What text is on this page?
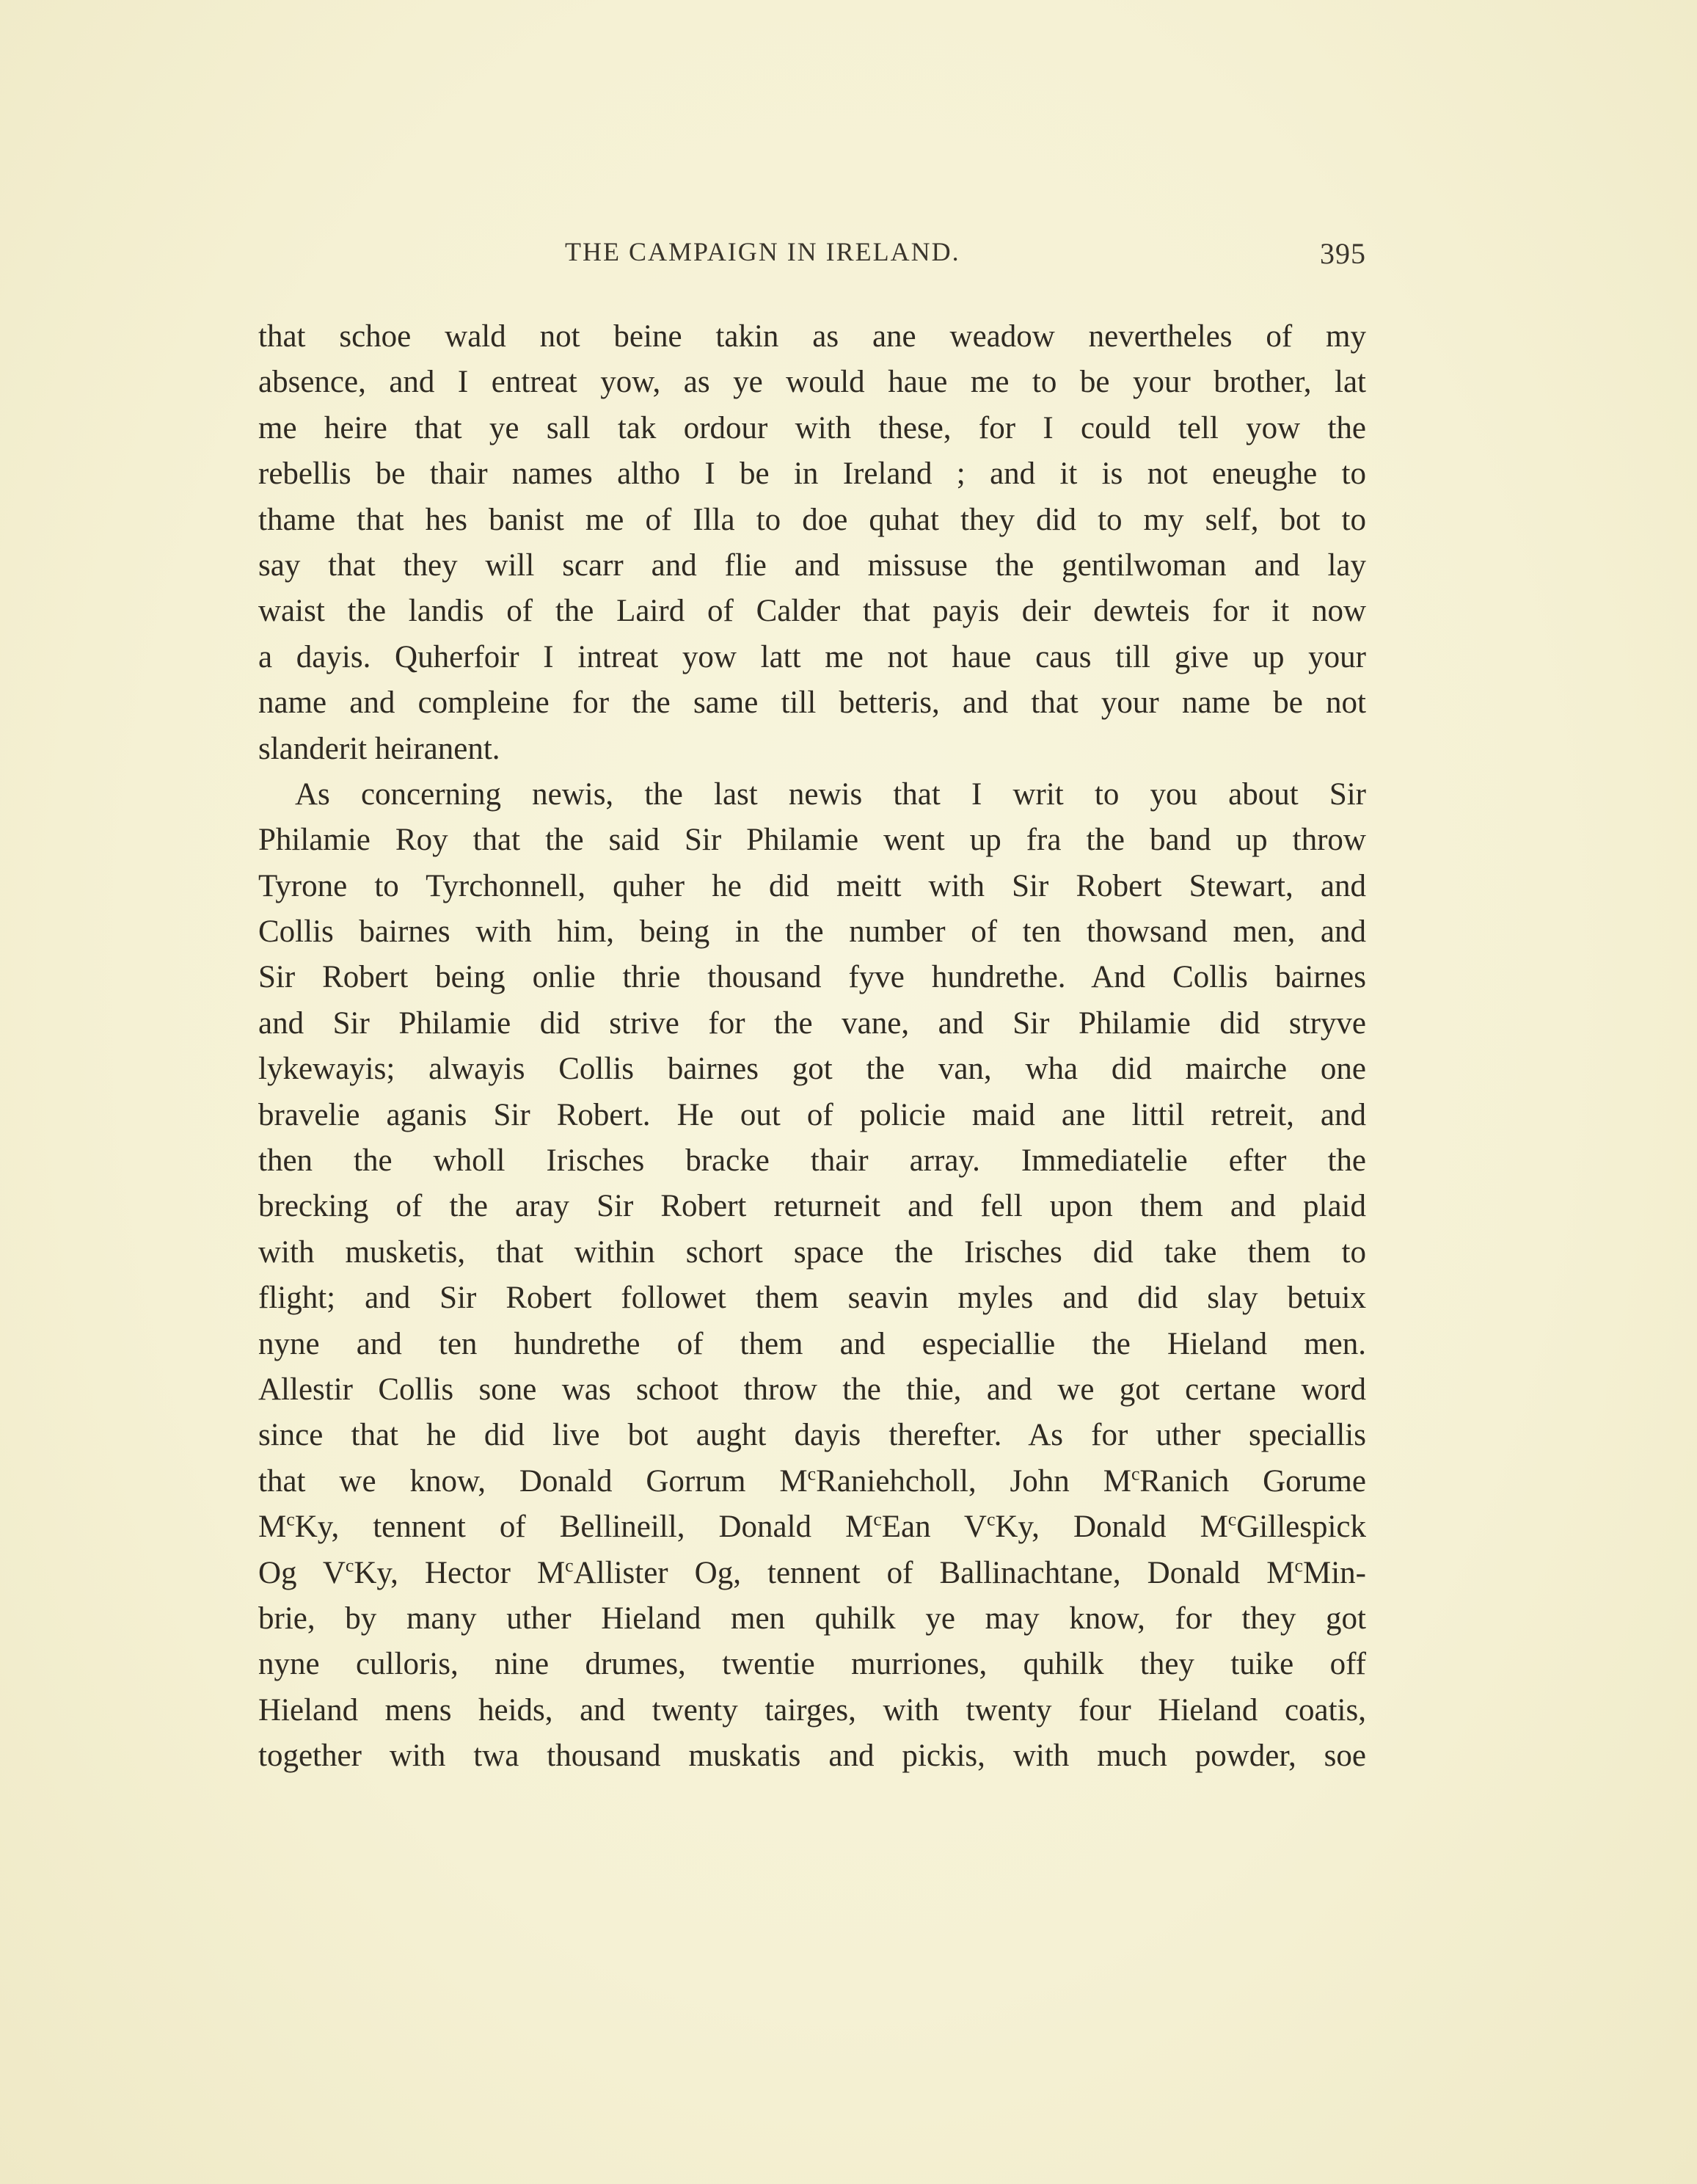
THE CAMPAIGN IN IRELAND.	395
that schoe wald not beine takin as ane weadow nevertheles of my
absence, and I entreat yow, as ye would haue me to be your brother, lat
me heire that ye sall tak ordour with these, for I could tell yow the
rebellis be thair names altho I be in Ireland ; and it is not eneughe to
thame that hes banist me of Illa to doe quhat they did to my self, bot to
say that they will scarr and flie and missuse the gentilwoman and lay
waist the landis of the Laird of Calder that payis deir dewteis for it now
a dayis. Quherfoir I intreat yow latt me not haue caus till give up your
name and compleine for the same till betteris, and that your name be not
slanderit heiranent.
As concerning newis, the last newis that I writ to you about Sir
Philamie Roy that the said Sir Philamie went up fra the band up throw
Tyrone to Tyrchonnell, quher he did meitt with Sir Robert Stewart, and
Collis bairnes with him, being in the number of ten thowsand men, and
Sir Robert being onlie thrie thousand fyve hundrethe. And Collis bairnes
and Sir Philamie did strive for the vane, and Sir Philamie did stryve
lykewayis; alwayis Collis bairnes got the van, wha did mairche one
bravelie aganis Sir Robert. He out of policie maid ane littil retreit, and
then the wholl Irisches bracke thair array. Immediatelie efter the
brecking of the aray Sir Robert returneit and fell upon them and plaid
with musketis, that within schort space the Irisches did take them to
flight; and Sir Robert followet them seavin myles and did slay betuix
nyne and ten hundrethe of them and especiallie the Hieland men.
Allestir Collis sone was schoot throw the thie, and we got certane word
since that he did live bot aught dayis therefter. As for uther speciallis
that we know, Donald Gorrum $M^cRaniehcholl$, John $M^cRanich$ Gorume
$M^cKy$, tennent of Bellineill, Donald $M^cEan$ $V^cKy$, Donald $M^cGillespick$
Og $V^cKy$, Hector $M^cAllister$ Og, tennent of Ballinachtane, Donald $M^cMin-$
brie, by many uther Hieland men quhilk ye may know, for they got
nyne culloris, nine drumes, twentie murriones, quhilk they tuike off
Hieland mens heids, and twenty tairges, with twenty four Hieland coatis,
together with twa thousand muskatis and pickis, with much powder, soe
